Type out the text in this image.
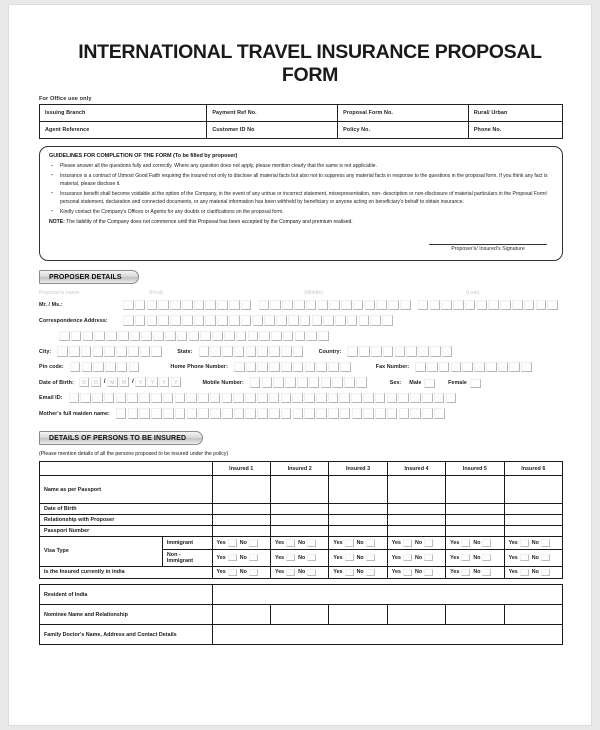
INTERNATIONAL TRAVEL INSURANCE PROPOSAL FORM
For Office use only
Issuing Branch	Payment Ref No.	Proposal Form No.	Rural/ Urban
Agent Reference	Customer ID No	Policy No.	Phone No.
GUIDELINES FOR COMPLETION OF THE FORM (To be filled by proposer)
▪ Please answer all the questions fully and correctly. Where any question does not apply, please mention clearly that the same is not applicable.
▪ Insurance is a contract of Utmost Good Faith requiring the insured not only to disclose all material facts but also not to suppress any material facts in response to the questions in the proposal form. If you think any fact is material, please disclose it.
▪ Insurance benefit shall become voidable at the option of the Company, in the event of any untrue or incorrect statement, misrepresentation, non- description or non-disclosure of material particulars in the Proposal Form/ personal statement, declaration and connected documents, or any material information has been withheld by beneficiary or anyone acting on beneficiary's behalf to obtain insurance.
▪ Kindly contact the Company's Offices or Agents for any doubts or clarifications on the proposal form.
NOTE: The liability of the Company does not commence until this Proposal has been accepted by the Company and premium realised.
Proposer's/ Insured's Signature
PROPOSER DETAILS
Proposer's name:	(First)	(Middle)	(Last)
Mr. / Ms.:
Correspondence Address:
City:	State:	Country:
Pin code:	Home Phone Number:	Fax Number:
Date of Birth:	D	D	/ M	M /	Y	Y	Y	Y	Mobile Number:	Sex: Male	Female
Email ID:
Mother's full maiden name:
DETAILS OF PERSONS TO BE INSURED
(Please mention details of all the persons proposed to be insured under the policy)
		Insured 1	Insured 2	Insured 3	Insured 4	Insured 5	Insured 6
Name as per Passport							
Date of Birth							
Relationship with Proposer							
Passport Number							
Visa Type	Immigrant	Yes No	Yes No	Yes No	Yes No	Yes No	Yes No

	Non - Immigrant	Yes No	Yes No	Yes No	Yes No	Yes No	Yes No

Is the Insured currently in india		Yes No	Yes No	Yes No	Yes No	Yes No	Yes No
Resident of India						
Nominee Name and Relationship						
Family Doctor's Name, Address and Contact Details						
